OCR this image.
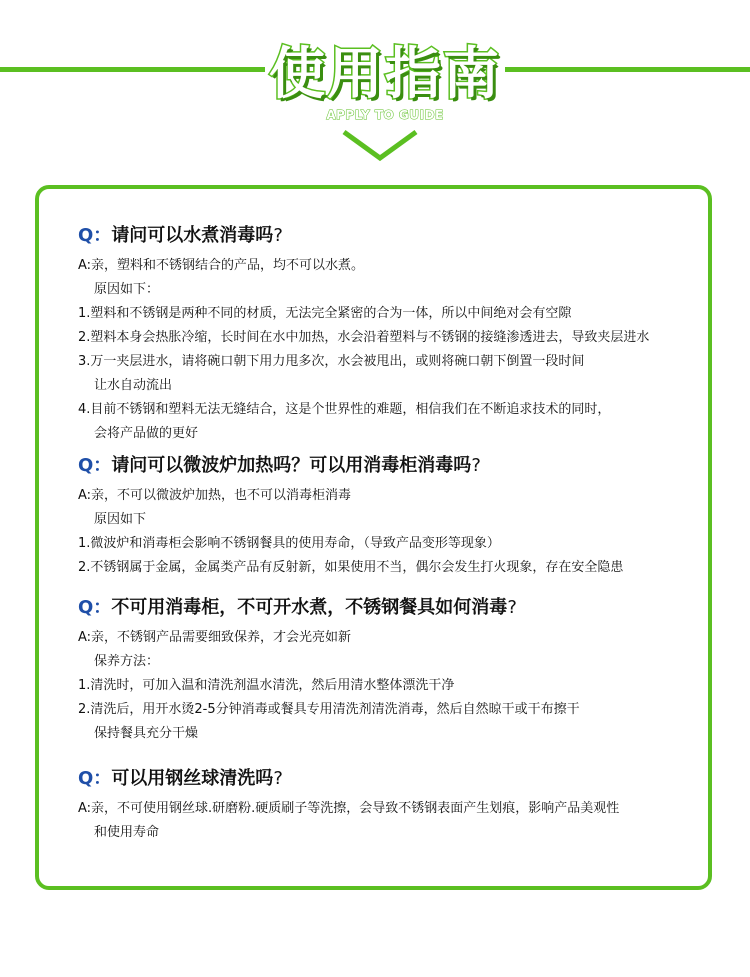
使用指南
APPLY TO GUIDE
Q：请问可以水煮消毒吗?
A:亲，塑料和不锈钢结合的产品，均不可以水煮。
原因如下：
1.塑料和不锈钢是两种不同的材质，无法完全紧密的合为一体，所以中间绝对会有空隙
2.塑料本身会热胀冷缩，长时间在水中加热，水会沿着塑料与不锈钢的接缝渗透进去，导致夹层进水
3.万一夹层进水，请将碗口朝下用力甩多次，水会被甩出，或则将碗口朝下倒置一段时间
让水自动流出
4.目前不锈钢和塑料无法无缝结合，这是个世界性的难题，相信我们在不断追求技术的同时，
会将产品做的更好
Q：请问可以微波炉加热吗？可以用消毒柜消毒吗?
A:亲，不可以微波炉加热，也不可以消毒柜消毒
原因如下
1.微波炉和消毒柜会影响不锈钢餐具的使用寿命，（导致产品变形等现象）
2.不锈钢属于金属，金属类产品有反射新，如果使用不当，偶尔会发生打火现象，存在安全隐患
Q：不可用消毒柜，不可开水煮，不锈钢餐具如何消毒?
A:亲，不锈钢产品需要细致保养，才会光亮如新
保养方法：
1.清洗时，可加入温和清洗剂温水清洗，然后用清水整体漂洗干净
2.清洗后，用开水烫2-5分钟消毒或餐具专用清洗剂清洗消毒，然后自然晾干或干布擦干
保持餐具充分干燥
Q：可以用钢丝球清洗吗?
A:亲，不可使用钢丝球.研磨粉.硬质刷子等洗擦，会导致不锈钢表面产生划痕，影响产品美观性
和使用寿命
